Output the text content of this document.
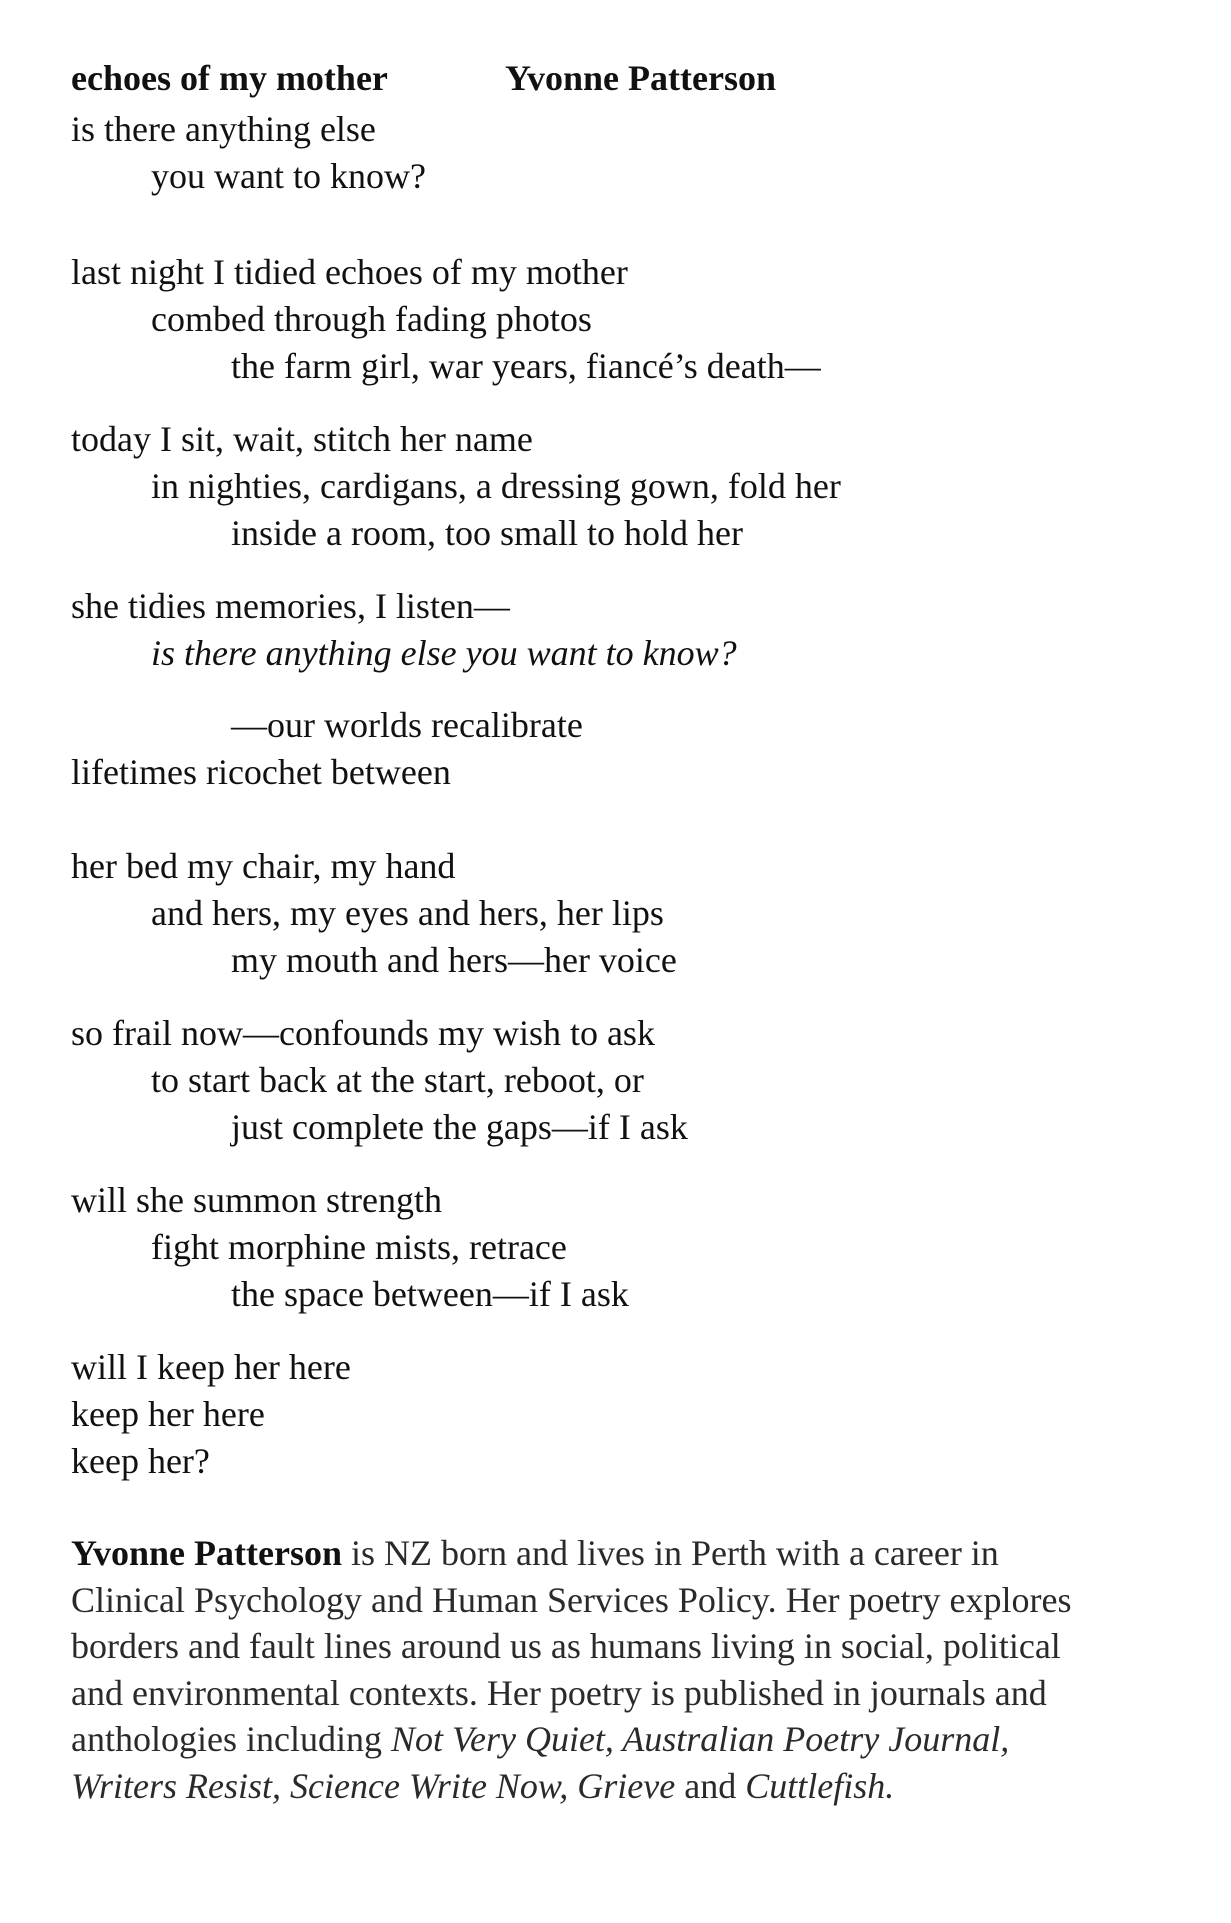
echoes of my mother	Yvonne Patterson
is there anything else
you want to know?
last night I tidied echoes of my mother
combed through fading photos
the farm girl, war years, fiancé’s death—
today I sit, wait, stitch her name
in nighties, cardigans, a dressing gown, fold her
inside a room, too small to hold her
she tidies memories, I listen—
is there anything else you want to know?
—our worlds recalibrate
lifetimes ricochet between
her bed my chair, my hand
and hers, my eyes and hers, her lips
my mouth and hers—her voice
so frail now—confounds my wish to ask
to start back at the start, reboot, or
just complete the gaps—if I ask
will she summon strength
fight morphine mists, retrace
the space between—if I ask
will I keep her here
keep her here
keep her?
Yvonne Patterson is NZ born and lives in Perth with a career in Clinical Psychology and Human Services Policy. Her poetry explores borders and fault lines around us as humans living in social, political and environmental contexts. Her poetry is published in journals and anthologies including Not Very Quiet, Australian Poetry Journal, Writers Resist, Science Write Now, Grieve and Cuttlefish.
